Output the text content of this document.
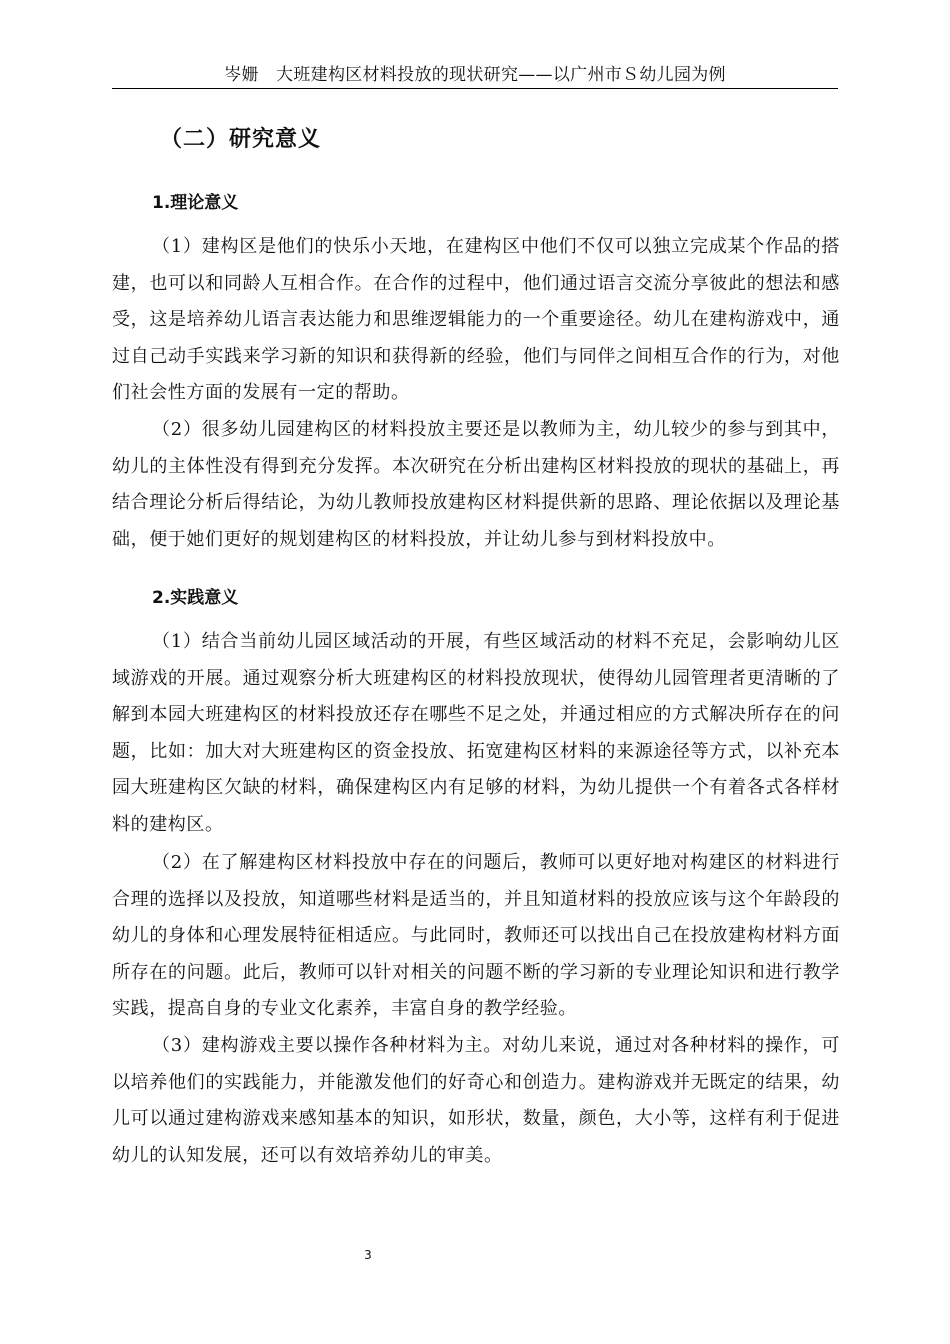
岑姗　大班建构区材料投放的现状研究——以广州市Ｓ幼儿园为例
（二）研究意义
1.理论意义

（1）建构区是他们的快乐小天地，在建构区中他们不仅可以独立完成某个作品的搭建，也可以和同龄人互相合作。在合作的过程中，他们通过语言交流分享彼此的想法和感受，这是培养幼儿语言表达能力和思维逻辑能力的一个重要途径。幼儿在建构游戏中，通过自己动手实践来学习新的知识和获得新的经验，他们与同伴之间相互合作的行为，对他们社会性方面的发展有一定的帮助。

（2）很多幼儿园建构区的材料投放主要还是以教师为主，幼儿较少的参与到其中，幼儿的主体性没有得到充分发挥。本次研究在分析出建构区材料投放的现状的基础上，再结合理论分析后得结论，为幼儿教师投放建构区材料提供新的思路、理论依据以及理论基础，便于她们更好的规划建构区的材料投放，并让幼儿参与到材料投放中。

2.实践意义

（1）结合当前幼儿园区域活动的开展，有些区域活动的材料不充足，会影响幼儿区域游戏的开展。通过观察分析大班建构区的材料投放现状，使得幼儿园管理者更清晰的了解到本园大班建构区的材料投放还存在哪些不足之处，并通过相应的方式解决所存在的问题，比如：加大对大班建构区的资金投放、拓宽建构区材料的来源途径等方式，以补充本园大班建构区欠缺的材料，确保建构区内有足够的材料，为幼儿提供一个有着各式各样材料的建构区。

（2）在了解建构区材料投放中存在的问题后，教师可以更好地对构建区的材料进行合理的选择以及投放，知道哪些材料是适当的，并且知道材料的投放应该与这个年龄段的幼儿的身体和心理发展特征相适应。与此同时，教师还可以找出自己在投放建构材料方面所存在的问题。此后，教师可以针对相关的问题不断的学习新的专业理论知识和进行教学实践，提高自身的专业文化素养，丰富自身的教学经验。

（3）建构游戏主要以操作各种材料为主。对幼儿来说，通过对各种材料的操作，可以培养他们的实践能力，并能激发他们的好奇心和创造力。建构游戏并无既定的结果，幼儿可以通过建构游戏来感知基本的知识，如形状，数量，颜色，大小等，这样有利于促进幼儿的认知发展，还可以有效培养幼儿的审美。

3
